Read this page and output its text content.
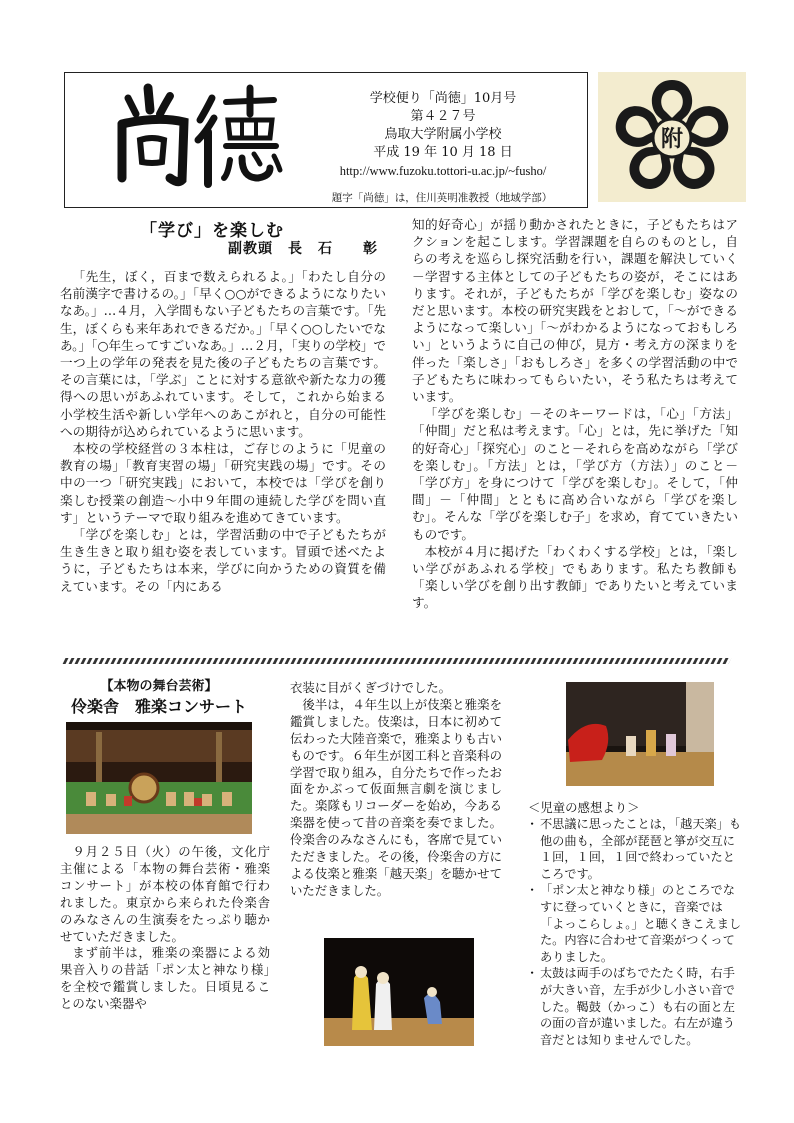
学校便り「尚徳」10月号
第４２７号
鳥取大学附属小学校
平成 19 年 10 月 18 日
http://www.fuzoku.tottori-u.ac.jp/~fusho/
題字「尚徳」は，住川英明准教授（地域学部）
附
「学び」を楽しむ
副教頭　長　石　　彰

「先生，ぼく，百まで数えられるよ。」「わたし自分の名前漢字で書けるの。」「早く○○ができるようになりたいなあ。」…４月，入学間もない子どもたちの言葉です。「先生，ぼくらも来年あれできるだか。」「早く○○したいでなあ。」「○年生ってすごいなあ。」…２月，「実りの学校」で一つ上の学年の発表を見た後の子どもたちの言葉です。その言葉には，「学ぶ」ことに対する意欲や新たな力の獲得への思いがあふれています。そして，これから始まる小学校生活や新しい学年へのあこがれと，自分の可能性への期待が込められているように思います。

本校の学校経営の３本柱は，ご存じのように「児童の教育の場」「教育実習の場」「研究実践の場」です。その中の一つ「研究実践」において，本校では「学びを創り楽しむ授業の創造～小中９年間の連続した学びを問い直す」というテーマで取り組みを進めてきています。

「学びを楽しむ」とは，学習活動の中で子どもたちが生き生きと取り組む姿を表しています。冒頭で述べたように，子どもたちは本来，学びに向かうための資質を備えています。その「内にある

知的好奇心」が揺り動かされたときに，子どもたちはアクションを起こします。学習課題を自らのものとし，自らの考えを巡らし探究活動を行い，課題を解決していく－学習する主体としての子どもたちの姿が，そこにはあります。それが，子どもたちが「学びを楽しむ」姿なのだと思います。本校の研究実践をとおして，「～ができるようになって楽しい」「～がわかるようになっておもしろい」というように自己の伸び，見方・考え方の深まりを伴った「楽しさ」「おもしろさ」を多くの学習活動の中で子どもたちに味わってもらいたい，そう私たちは考えています。

「学びを楽しむ」－そのキーワードは，「心」「方法」「仲間」だと私は考えます。「心」とは，先に挙げた「知的好奇心」「探究心」のこと－それらを高めながら「学びを楽しむ」。「方法」とは，「学び方（方法）」のこと－「学び方」を身につけて「学びを楽しむ」。そして，「仲間」－「仲間」とともに高め合いながら「学びを楽しむ」。そんな「学びを楽しむ子」を求め，育てていきたいものです。

本校が４月に掲げた「わくわくする学校」とは，「楽しい学びがあふれる学校」でもあります。私たち教師も「楽しい学びを創り出す教師」でありたいと考えています。

【本物の舞台芸術】
伶楽舎　雅楽コンサート

９月２５日（火）の午後，文化庁主催による「本物の舞台芸術・雅楽コンサート」が本校の体育館で行われました。東京から来られた伶楽舎のみなさんの生演奏をたっぷり聴かせていただきました。

まず前半は，雅楽の楽器による効果音入りの昔話「ポン太と神なり様」を全校で鑑賞しました。日頃見ることのない楽器や

衣装に目がくぎづけでした。

後半は，４年生以上が伎楽と雅楽を鑑賞しました。伎楽は，日本に初めて伝わった大陸音楽で，雅楽よりも古いものです。６年生が図工科と音楽科の学習で取り組み，自分たちで作ったお面をかぶって仮面無言劇を演じました。楽隊もリコーダーを始め，今ある楽器を使って昔の音楽を奏でました。伶楽舎のみなさんにも，客席で見ていただきました。その後，伶楽舎の方による伎楽と雅楽「越天楽」を聴かせていただきました。

＜児童の感想より＞
・ 不思議に思ったことは，「越天楽」も他の曲も，全部が琵琶と箏が交互に１回，１回，１回で終わっていたところです。
・ 「ポン太と神なり様」のところでなすに登っていくときに，音楽では「よっこらしょ。」と聴くきこえました。内容に合わせて音楽がつくってありました。
・ 太鼓は両手のばちでたたく時，右手が大きい音，左手が少し小さい音でした。鞨鼓（かっこ）も右の面と左の面の音が違いました。右左が違う音だとは知りませんでした。
